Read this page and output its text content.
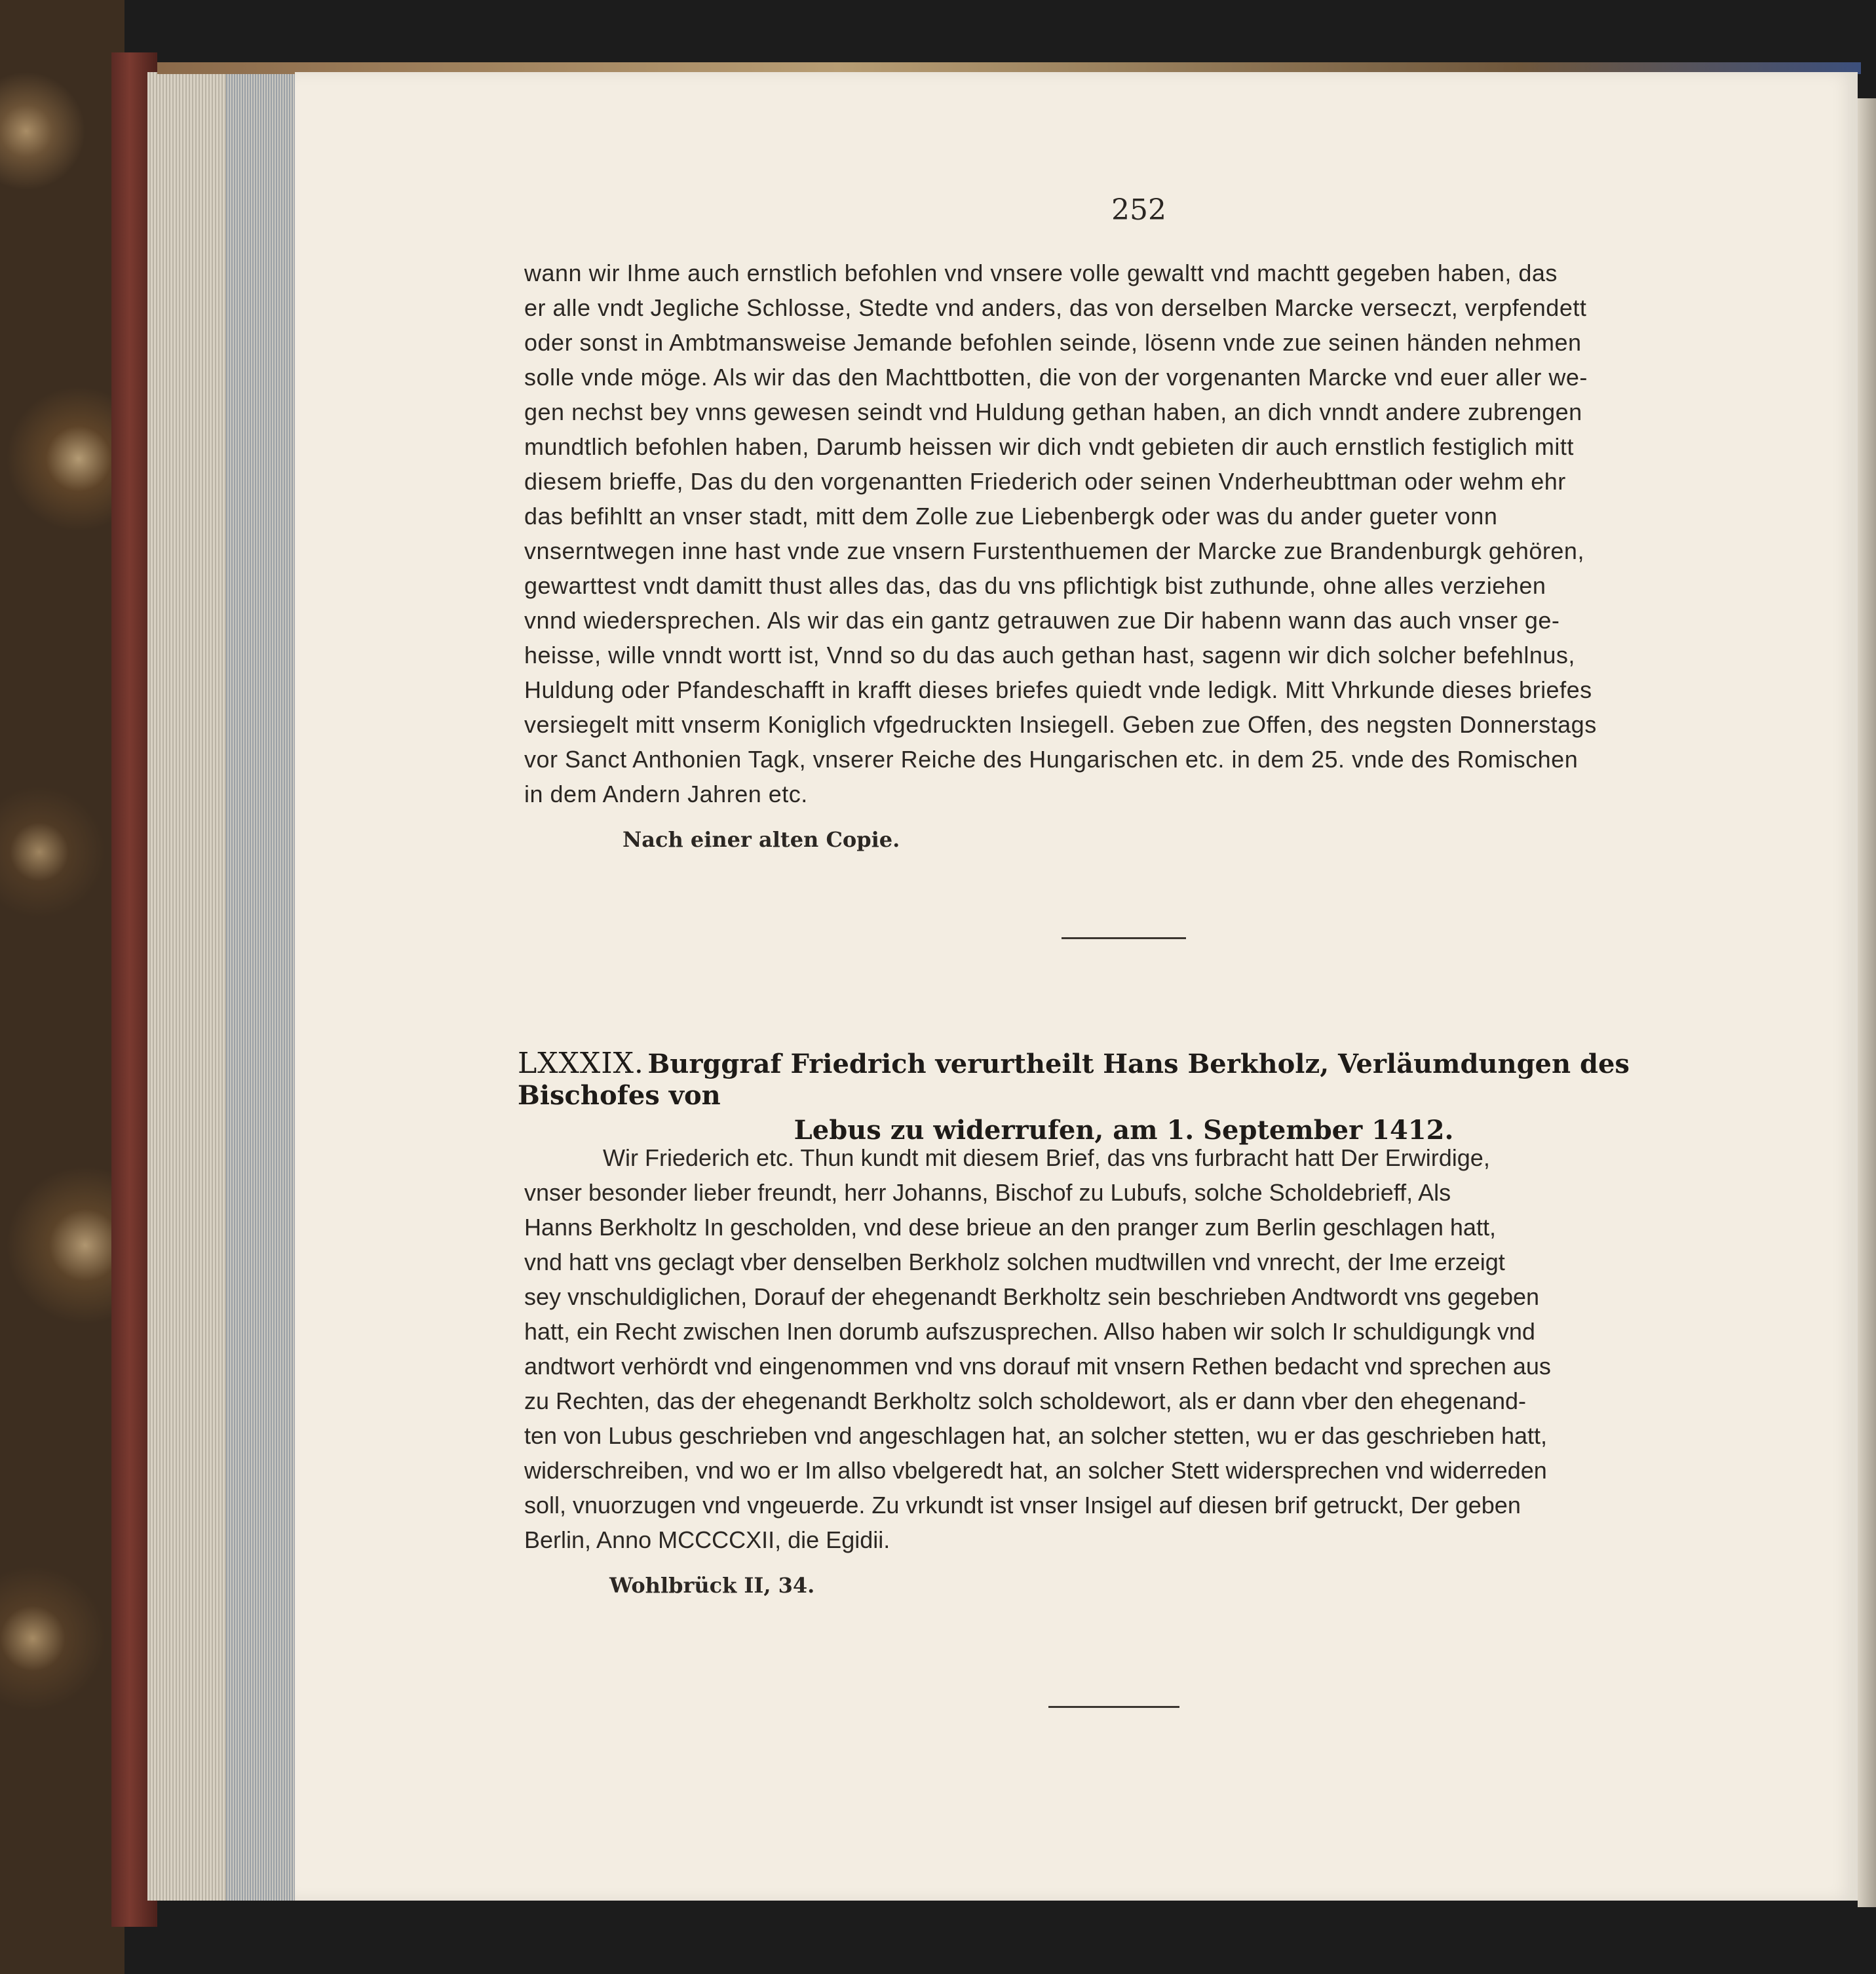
252
wann wir Ihme auch ernstlich befohlen vnd vnsere volle gewaltt vnd machtt gegeben haben, das
er alle vndt Jegliche Schlosse, Stedte vnd anders, das von derselben Marcke verseczt, verpfendett
oder sonst in Ambtmansweise Jemande befohlen seinde, lösenn vnde zue seinen händen nehmen
solle vnde möge. Als wir das den Machttbotten, die von der vorgenanten Marcke vnd euer aller we-
gen nechst bey vnns gewesen seindt vnd Huldung gethan haben, an dich vnndt andere zubrengen
mundtlich befohlen haben, Darumb heissen wir dich vndt gebieten dir auch ernstlich festiglich mitt
diesem brieffe, Das du den vorgenantten Friederich oder seinen Vnderheubttman oder wehm ehr
das befihltt an vnser stadt, mitt dem Zolle zue Liebenbergk oder was du ander gueter vonn
vnserntwegen inne hast vnde zue vnsern Furstenthuemen der Marcke zue Brandenburgk gehören,
gewarttest vndt damitt thust alles das, das du vns pflichtigk bist zuthunde, ohne alles verziehen
vnnd wiedersprechen. Als wir das ein gantz getrauwen zue Dir habenn wann das auch vnser ge-
heisse, wille vnndt wortt ist, Vnnd so du das auch gethan hast, sagenn wir dich solcher befehlnus,
Huldung oder Pfandeschafft in krafft dieses briefes quiedt vnde ledigk. Mitt Vhrkunde dieses briefes
versiegelt mitt vnserm Koniglich vfgedruckten Insiegell. Geben zue Offen, des negsten Donnerstags
vor Sanct Anthonien Tagk, vnserer Reiche des Hungarischen etc. in dem 25. vnde des Romischen
in dem Andern Jahren etc.
Nach einer alten Copie.
LXXXIX. Burggraf Friedrich verurtheilt Hans Berkholz, Verläumdungen des Bischofes von
Lebus zu widerrufen, am 1. September 1412.
Wir Friederich etc. Thun kundt mit diesem Brief, das vns furbracht hatt Der Erwirdige,
vnser besonder lieber freundt, herr Johanns, Bischof zu Lubufs, solche Scholdebrieff, Als
Hanns Berkholtz In gescholden, vnd dese brieue an den pranger zum Berlin geschlagen hatt,
vnd hatt vns geclagt vber denselben Berkholz solchen mudtwillen vnd vnrecht, der Ime erzeigt
sey vnschuldiglichen, Dorauf der ehegenandt Berkholtz sein beschrieben Andtwordt vns gegeben
hatt, ein Recht zwischen Inen dorumb aufszusprechen. Allso haben wir solch Ir schuldigungk vnd
andtwort verhördt vnd eingenommen vnd vns dorauf mit vnsern Rethen bedacht vnd sprechen aus
zu Rechten, das der ehegenandt Berkholtz solch scholdewort, als er dann vber den ehegenand-
ten von Lubus geschrieben vnd angeschlagen hat, an solcher stetten, wu er das geschrieben hatt,
widerschreiben, vnd wo er Im allso vbelgeredt hat, an solcher Stett widersprechen vnd widerreden
soll, vnuorzugen vnd vngeuerde. Zu vrkundt ist vnser Insigel auf diesen brif getruckt, Der geben
Berlin, Anno MCCCCXII, die Egidii.
Wohlbrück II, 34.
